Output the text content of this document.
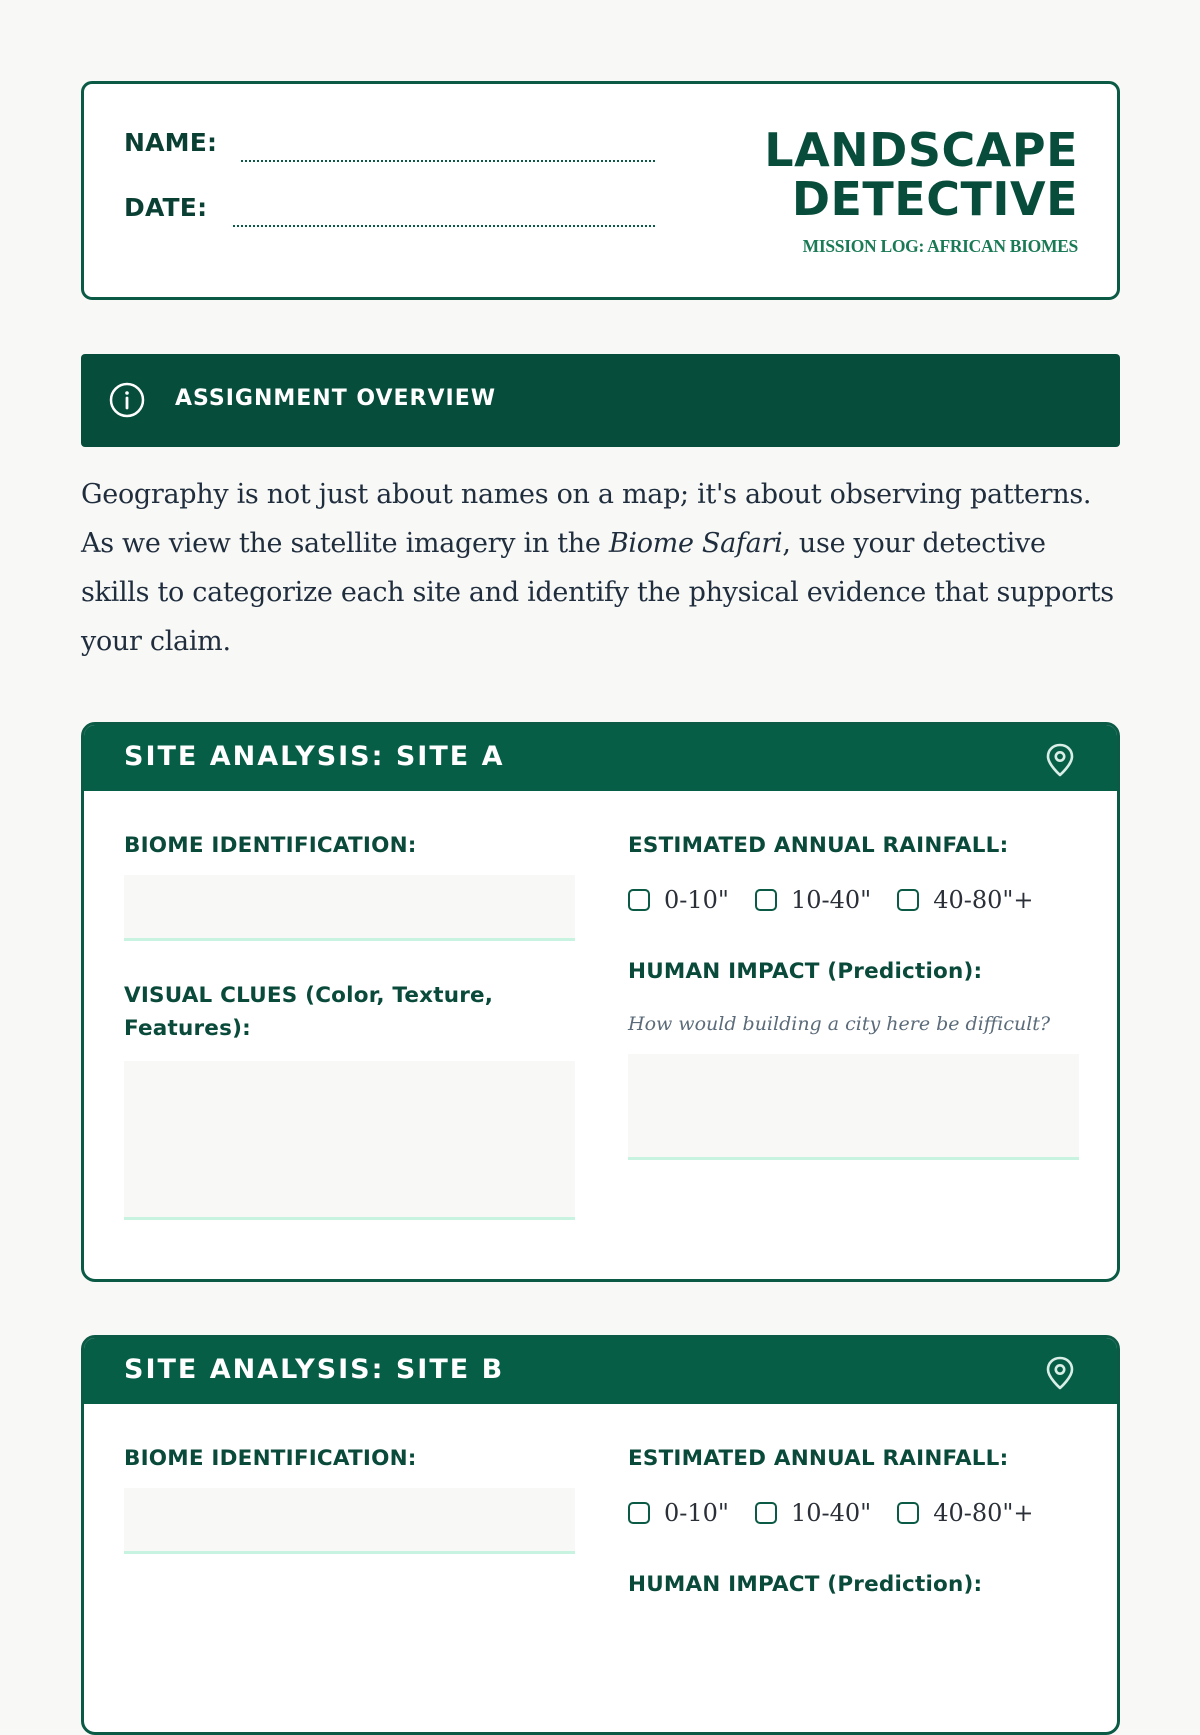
NAME:
DATE:
LANDSCAPE
DETECTIVE
MISSION LOG: AFRICAN BIOMES
ASSIGNMENT OVERVIEW

Geography is not just about names on a map; it's about observing patterns. As we view the satellite imagery in the Biome Safari, use your detective skills to categorize each site and identify the physical evidence that supports your claim.

SITE ANALYSIS: SITE A
BIOME IDENTIFICATION:
VISUAL CLUES (Color, Texture, Features):
ESTIMATED ANNUAL RAINFALL:
0-10"	10-40"	40-80"+
HUMAN IMPACT (Prediction):
How would building a city here be difficult?
SITE ANALYSIS: SITE B
BIOME IDENTIFICATION:	ESTIMATED ANNUAL RAINFALL:
0-10"	10-40"	40-80"+
HUMAN IMPACT (Prediction):
